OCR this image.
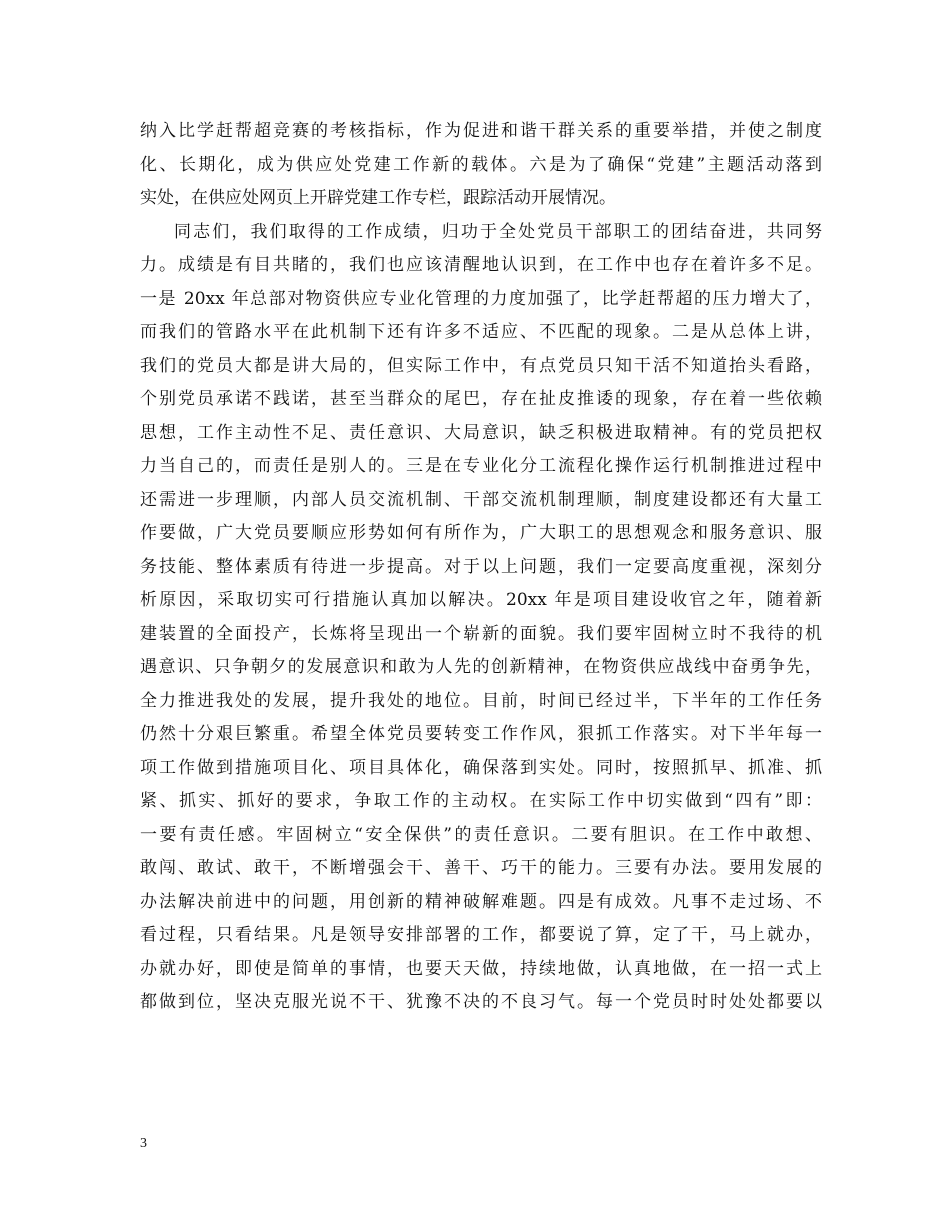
纳入比学赶帮超竞赛的考核指标，作为促进和谐干群关系的重要举措，并使之制度
化、长期化，成为供应处党建工作新的载体。六是为了确保“党建”主题活动落到
实处，在供应处网页上开辟党建工作专栏，跟踪活动开展情况。
同志们，我们取得的工作成绩，归功于全处党员干部职工的团结奋进，共同努
力。成绩是有目共睹的，我们也应该清醒地认识到，在工作中也存在着许多不足。
一是 20xx 年总部对物资供应专业化管理的力度加强了，比学赶帮超的压力增大了，
而我们的管路水平在此机制下还有许多不适应、不匹配的现象。二是从总体上讲，
我们的党员大都是讲大局的，但实际工作中，有点党员只知干活不知道抬头看路，
个别党员承诺不践诺，甚至当群众的尾巴，存在扯皮推诿的现象，存在着一些依赖
思想，工作主动性不足、责任意识、大局意识，缺乏积极进取精神。有的党员把权
力当自己的，而责任是别人的。三是在专业化分工流程化操作运行机制推进过程中
还需进一步理顺，内部人员交流机制、干部交流机制理顺，制度建设都还有大量工
作要做，广大党员要顺应形势如何有所作为，广大职工的思想观念和服务意识、服
务技能、整体素质有待进一步提高。对于以上问题，我们一定要高度重视，深刻分
析原因，采取切实可行措施认真加以解决。20xx 年是项目建设收官之年，随着新
建装置的全面投产，长炼将呈现出一个崭新的面貌。我们要牢固树立时不我待的机
遇意识、只争朝夕的发展意识和敢为人先的创新精神，在物资供应战线中奋勇争先，
全力推进我处的发展，提升我处的地位。目前，时间已经过半，下半年的工作任务
仍然十分艰巨繁重。希望全体党员要转变工作作风，狠抓工作落实。对下半年每一
项工作做到措施项目化、项目具体化，确保落到实处。同时，按照抓早、抓准、抓
紧、抓实、抓好的要求，争取工作的主动权。在实际工作中切实做到“四有”即：
一要有责任感。牢固树立“安全保供”的责任意识。二要有胆识。在工作中敢想、
敢闯、敢试、敢干，不断增强会干、善干、巧干的能力。三要有办法。要用发展的
办法解决前进中的问题，用创新的精神破解难题。四是有成效。凡事不走过场、不
看过程，只看结果。凡是领导安排部署的工作，都要说了算，定了干，马上就办，
办就办好，即使是简单的事情，也要天天做，持续地做，认真地做，在一招一式上
都做到位，坚决克服光说不干、犹豫不决的不良习气。每一个党员时时处处都要以
3
